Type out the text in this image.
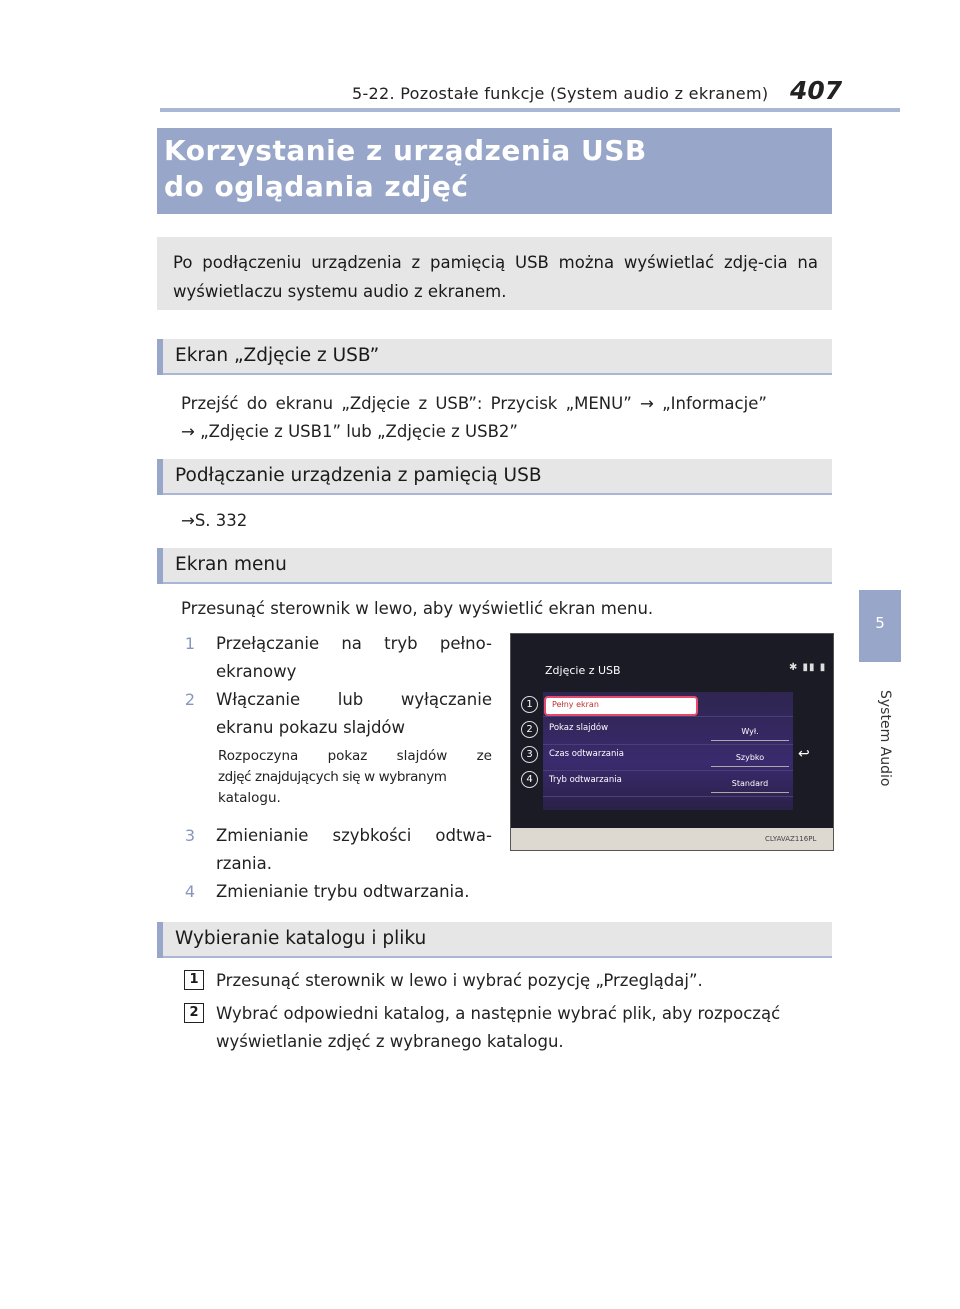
5-22. Pozostałe funkcje (System audio z ekranem) 407
5
System Audio
Korzystanie z urządzenia USB
do oglądania zdjęć
Po podłączeniu urządzenia z pamięcią USB można wyświetlać zdję-cia na wyświetlaczu systemu audio z ekranem.
Ekran „Zdjęcie z USB”
Przejść do ekranu „Zdjęcie z USB”: Przycisk „MENU” → „Informacje”
→ „Zdjęcie z USB1” lub „Zdjęcie z USB2”
Podłączanie urządzenia z pamięcią USB
→S. 332
Ekran menu
Przesunąć sterownik w lewo, aby wyświetlić ekran menu.
1 Przełączanie na tryb pełno-
ekranowy
2 Włączanie lub wyłączanie
ekranu pokazu slajdów
Rozpoczyna pokaz slajdów ze
zdjęć znajdujących się w wybranym
katalogu.
3 Zmienianie szybkości odtwa-
rzania.
4 Zmienianie trybu odtwarzania.
Zdjęcie z USB	✱ ▮▮ ▮
Pełny ekran
Pokaz slajdów	Wył.
Czas odtwarzania	Szybko
Tryb odtwarzania	Standard
1
2
3
4
↩
CLYAVAZ116PL
Wybieranie katalogu i pliku
1	Przesunąć sterownik w lewo i wybrać pozycję „Przeglądaj”.
2	Wybrać odpowiedni katalog, a następnie wybrać plik, aby rozpocząć
wyświetlanie zdjęć z wybranego katalogu.
